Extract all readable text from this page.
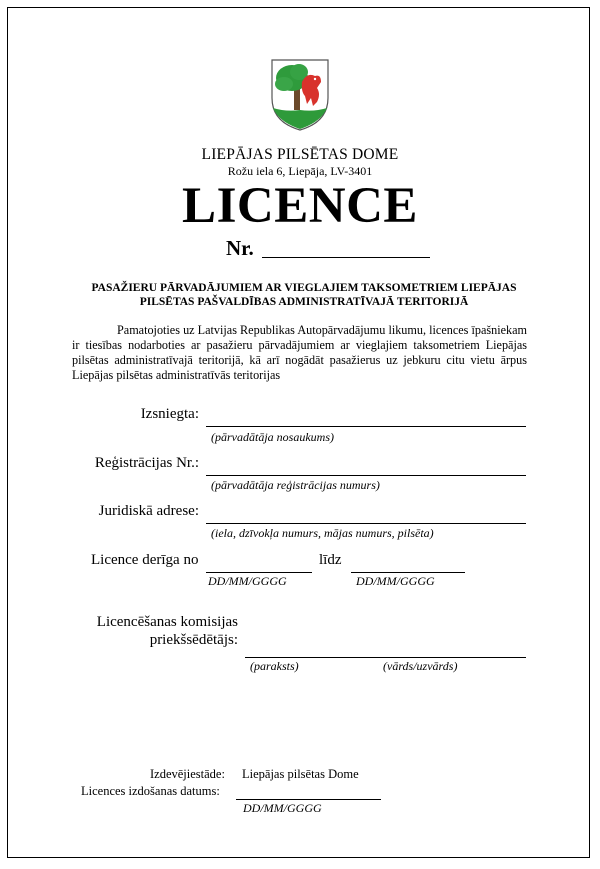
LIEPĀJAS PILSĒTAS DOME
Rožu iela 6, Liepāja, LV-3401
LICENCE
Nr.
PASAŽIERU PĀRVADĀJUMIEM AR VIEGLAJIEM TAKSOMETRIEM LIEPĀJAS PILSĒTAS PAŠVALDĪBAS ADMINISTRATĪVAJĀ TERITORIJĀ
Pamatojoties uz Latvijas Republikas Autopārvadājumu likumu, licences īpašniekam ir tiesības nodarboties ar pasažieru pārvadājumiem ar vieglajiem taksometriem Liepājas pilsētas administratīvajā teritorijā, kā arī nogādāt pasažierus uz jebkuru citu vietu ārpus Liepājas pilsētas administratīvās teritorijas
Izsniegta:
(pārvadātāja nosaukums)
Reģistrācijas Nr.:
(pārvadātāja reģistrācijas numurs)
Juridiskā adrese:
(iela, dzīvokļa numurs, mājas numurs, pilsēta)
Licence derīga no
DD/MM/GGGG
līdz
DD/MM/GGGG
Licencēšanas komisijas
priekšsēdētājs:
(paraksts)	(vārds/uzvārds)
Izdevējiestāde: Liepājas pilsētas Dome
Licences izdošanas datums:
DD/MM/GGGG
